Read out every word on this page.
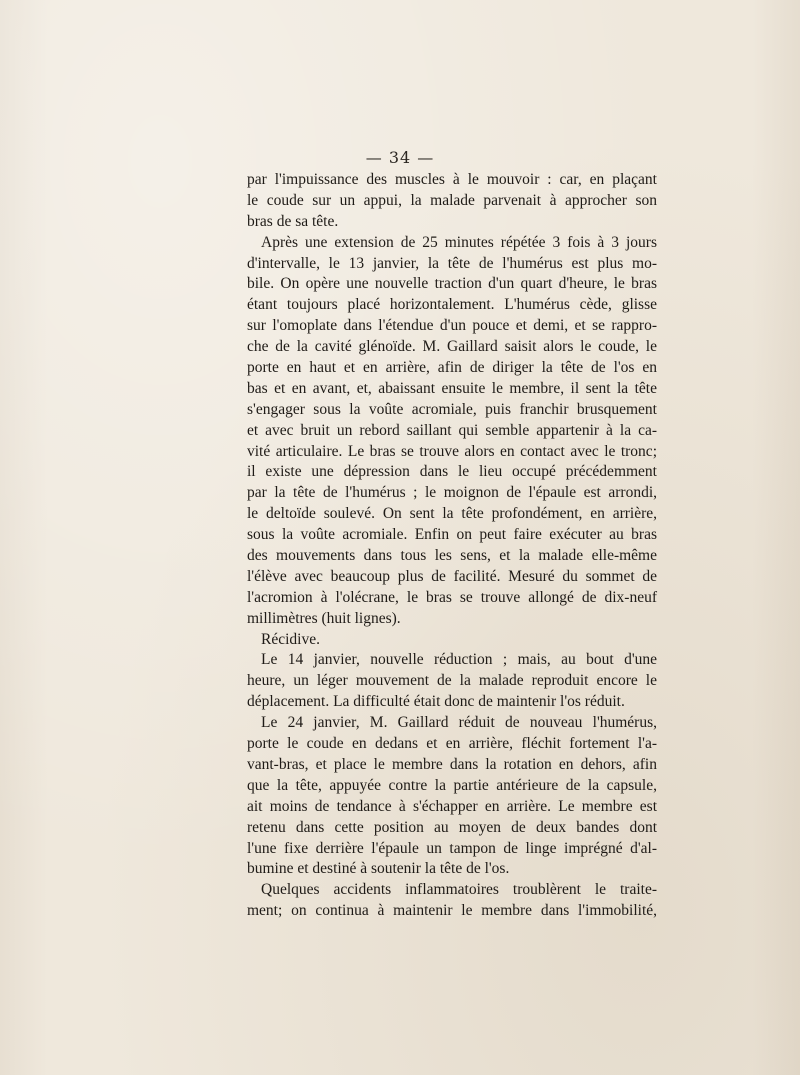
— 34 —
par l'impuissance des muscles à le mouvoir : car, en plaçant
le coude sur un appui, la malade parvenait à approcher son
bras de sa tête.
Après une extension de 25 minutes répétée 3 fois à 3 jours
d'intervalle, le 13 janvier, la tête de l'humérus est plus mo-
bile. On opère une nouvelle traction d'un quart d'heure, le bras
étant toujours placé horizontalement. L'humérus cède, glisse
sur l'omoplate dans l'étendue d'un pouce et demi, et se rappro-
che de la cavité glénoïde. M. Gaillard saisit alors le coude, le
porte en haut et en arrière, afin de diriger la tête de l'os en
bas et en avant, et, abaissant ensuite le membre, il sent la tête
s'engager sous la voûte acromiale, puis franchir brusquement
et avec bruit un rebord saillant qui semble appartenir à la ca-
vité articulaire. Le bras se trouve alors en contact avec le tronc;
il existe une dépression dans le lieu occupé précédemment
par la tête de l'humérus ; le moignon de l'épaule est arrondi,
le deltoïde soulevé. On sent la tête profondément, en arrière,
sous la voûte acromiale. Enfin on peut faire exécuter au bras
des mouvements dans tous les sens, et la malade elle-même
l'élève avec beaucoup plus de facilité. Mesuré du sommet de
l'acromion à l'olécrane, le bras se trouve allongé de dix-neuf
millimètres (huit lignes).
Récidive.
Le 14 janvier, nouvelle réduction ; mais, au bout d'une
heure, un léger mouvement de la malade reproduit encore le
déplacement. La difficulté était donc de maintenir l'os réduit.
Le 24 janvier, M. Gaillard réduit de nouveau l'humérus,
porte le coude en dedans et en arrière, fléchit fortement l'a-
vant-bras, et place le membre dans la rotation en dehors, afin
que la tête, appuyée contre la partie antérieure de la capsule,
ait moins de tendance à s'échapper en arrière. Le membre est
retenu dans cette position au moyen de deux bandes dont
l'une fixe derrière l'épaule un tampon de linge imprégné d'al-
bumine et destiné à soutenir la tête de l'os.
Quelques accidents inflammatoires troublèrent le traite-
ment; on continua à maintenir le membre dans l'immobilité,
